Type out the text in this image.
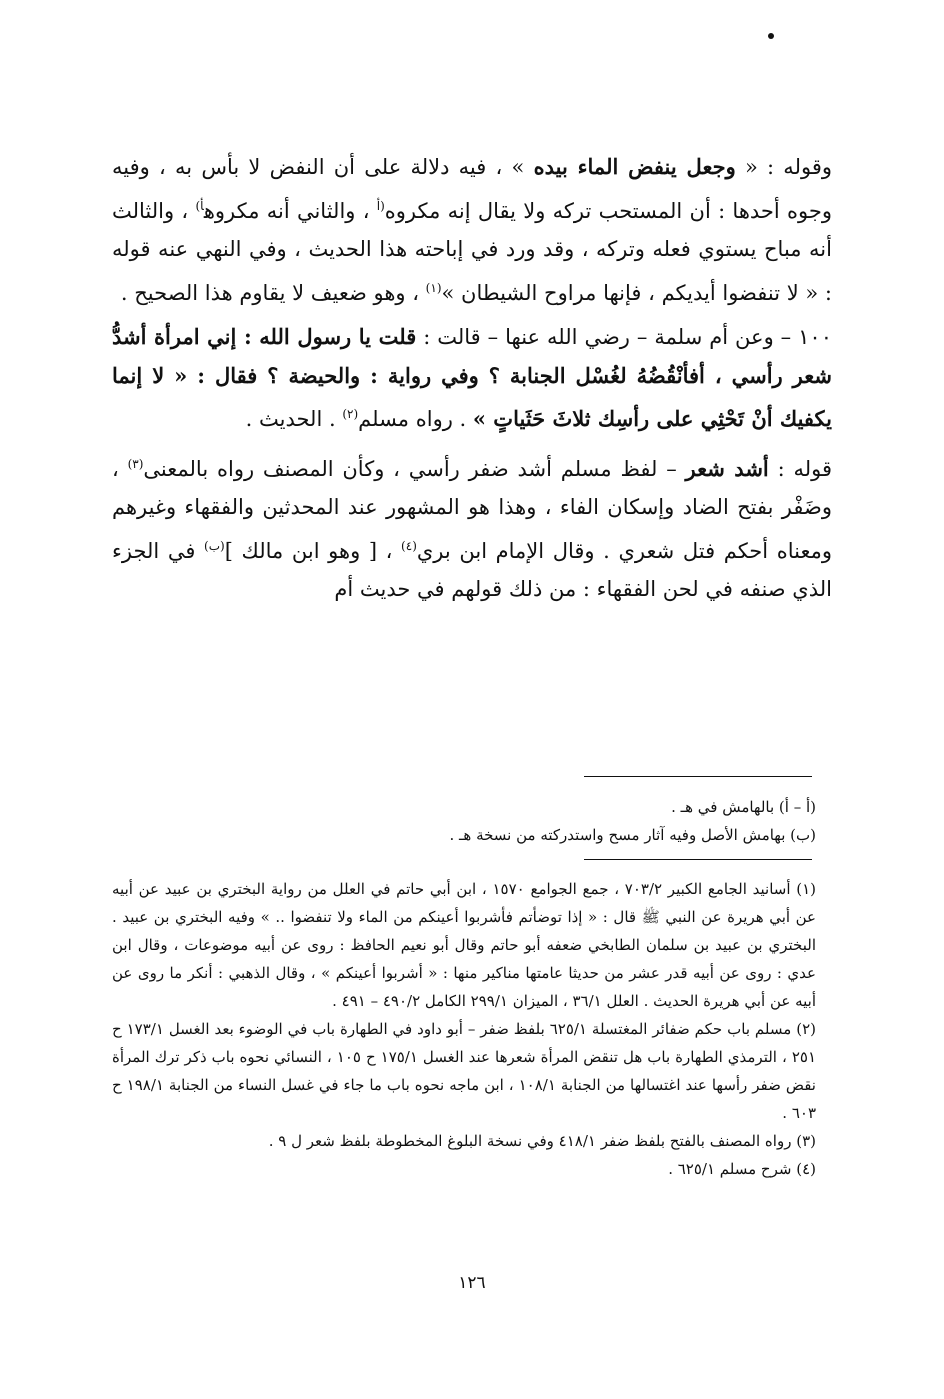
وقوله : « وجعل ينفض الماء بيده » ، فيه دلالة على أن النفض لا بأس به ، وفيه وجوه أحدها : أن المستحب تركه ولا يقال إنه مكروه$^{(أ}$ ، والثاني أنه مكروه$^{أ)}$ ، والثالث أنه مباح يستوي فعله وتركه ، وقد ورد في إباحته هذا الحديث ، وفي النهي عنه قوله : « لا تنفضوا أيديكم ، فإنها مراوح الشيطان »$^{(١)}$ ، وهو ضعيف لا يقاوم هذا الصحيح .

١٠٠ – وعن أم سلمة – رضي الله عنها – قالت : قلت يا رسول الله : إني امرأة أشدُّ شعر رأسي ، أفأنْقُضُهُ لغُسْل الجنابة ؟ وفي رواية : والحيضة ؟ فقال : « لا إنما يكفيك أنْ تَحْثِي على رأسِك ثلاثَ حَثَياتٍ » . رواه مسلم$^{(٢)}$ . الحديث .

قوله : أشد شعر – لفظ مسلم أشد ضفر رأسي ، وكأن المصنف رواه بالمعنى$^{(٣)}$ ، وضَفْر بفتح الضاد وإسكان الفاء ، وهذا هو المشهور عند المحدثين والفقهاء وغيرهم ومعناه أحكم فتل شعري . وقال الإمام ابن بري$^{(٤)}$ ، [ وهو ابن مالك ]$^{(ب)}$ في الجزء الذي صنفه في لحن الفقهاء : من ذلك قولهم في حديث أم

(أ – أ) بالهامش في هـ .

(ب) بهامش الأصل وفيه آثار مسح واستدركته من نسخة هـ .

(١) أسانيد الجامع الكبير ٧٠٣/٢ ، جمع الجوامع ١٥٧٠ ، ابن أبي حاتم في العلل من رواية البختري بن عبيد عن أبيه عن أبي هريرة عن النبي ﷺ قال : « إذا توضأتم فأشربوا أعينكم من الماء ولا تنفضوا .. » وفيه البختري بن عبيد . البختري بن عبيد بن سلمان الطابخي ضعفه أبو حاتم وقال أبو نعيم الحافظ : روى عن أبيه موضوعات ، وقال ابن عدي : روى عن أبيه قدر عشر من حديثا عامتها مناكير منها : « أشربوا أعينكم » ، وقال الذهبي : أنكر ما روى عن أبيه عن أبي هريرة الحديث . العلل ٣٦/١ ، الميزان ٢٩٩/١ الكامل ٤٩٠/٢ – ٤٩١ .

(٢) مسلم باب حكم ضفائر المغتسلة ٦٢٥/١ بلفظ ضفر – أبو داود في الطهارة باب في الوضوء بعد الغسل ١٧٣/١ ح ٢٥١ ، الترمذي الطهارة باب هل تنقض المرأة شعرها عند الغسل ١٧٥/١ ح ١٠٥ ، النسائي نحوه باب ذكر ترك المرأة نقض ضفر رأسها عند اغتسالها من الجنابة ١٠٨/١ ، ابن ماجه نحوه باب ما جاء في غسل النساء من الجنابة ١٩٨/١ ح ٦٠٣ .

(٣) رواه المصنف بالفتح بلفظ ضفر ٤١٨/١ وفي نسخة البلوغ المخطوطة بلفظ شعر ل ٩ .

(٤) شرح مسلم ٦٢٥/١ .

١٢٦
